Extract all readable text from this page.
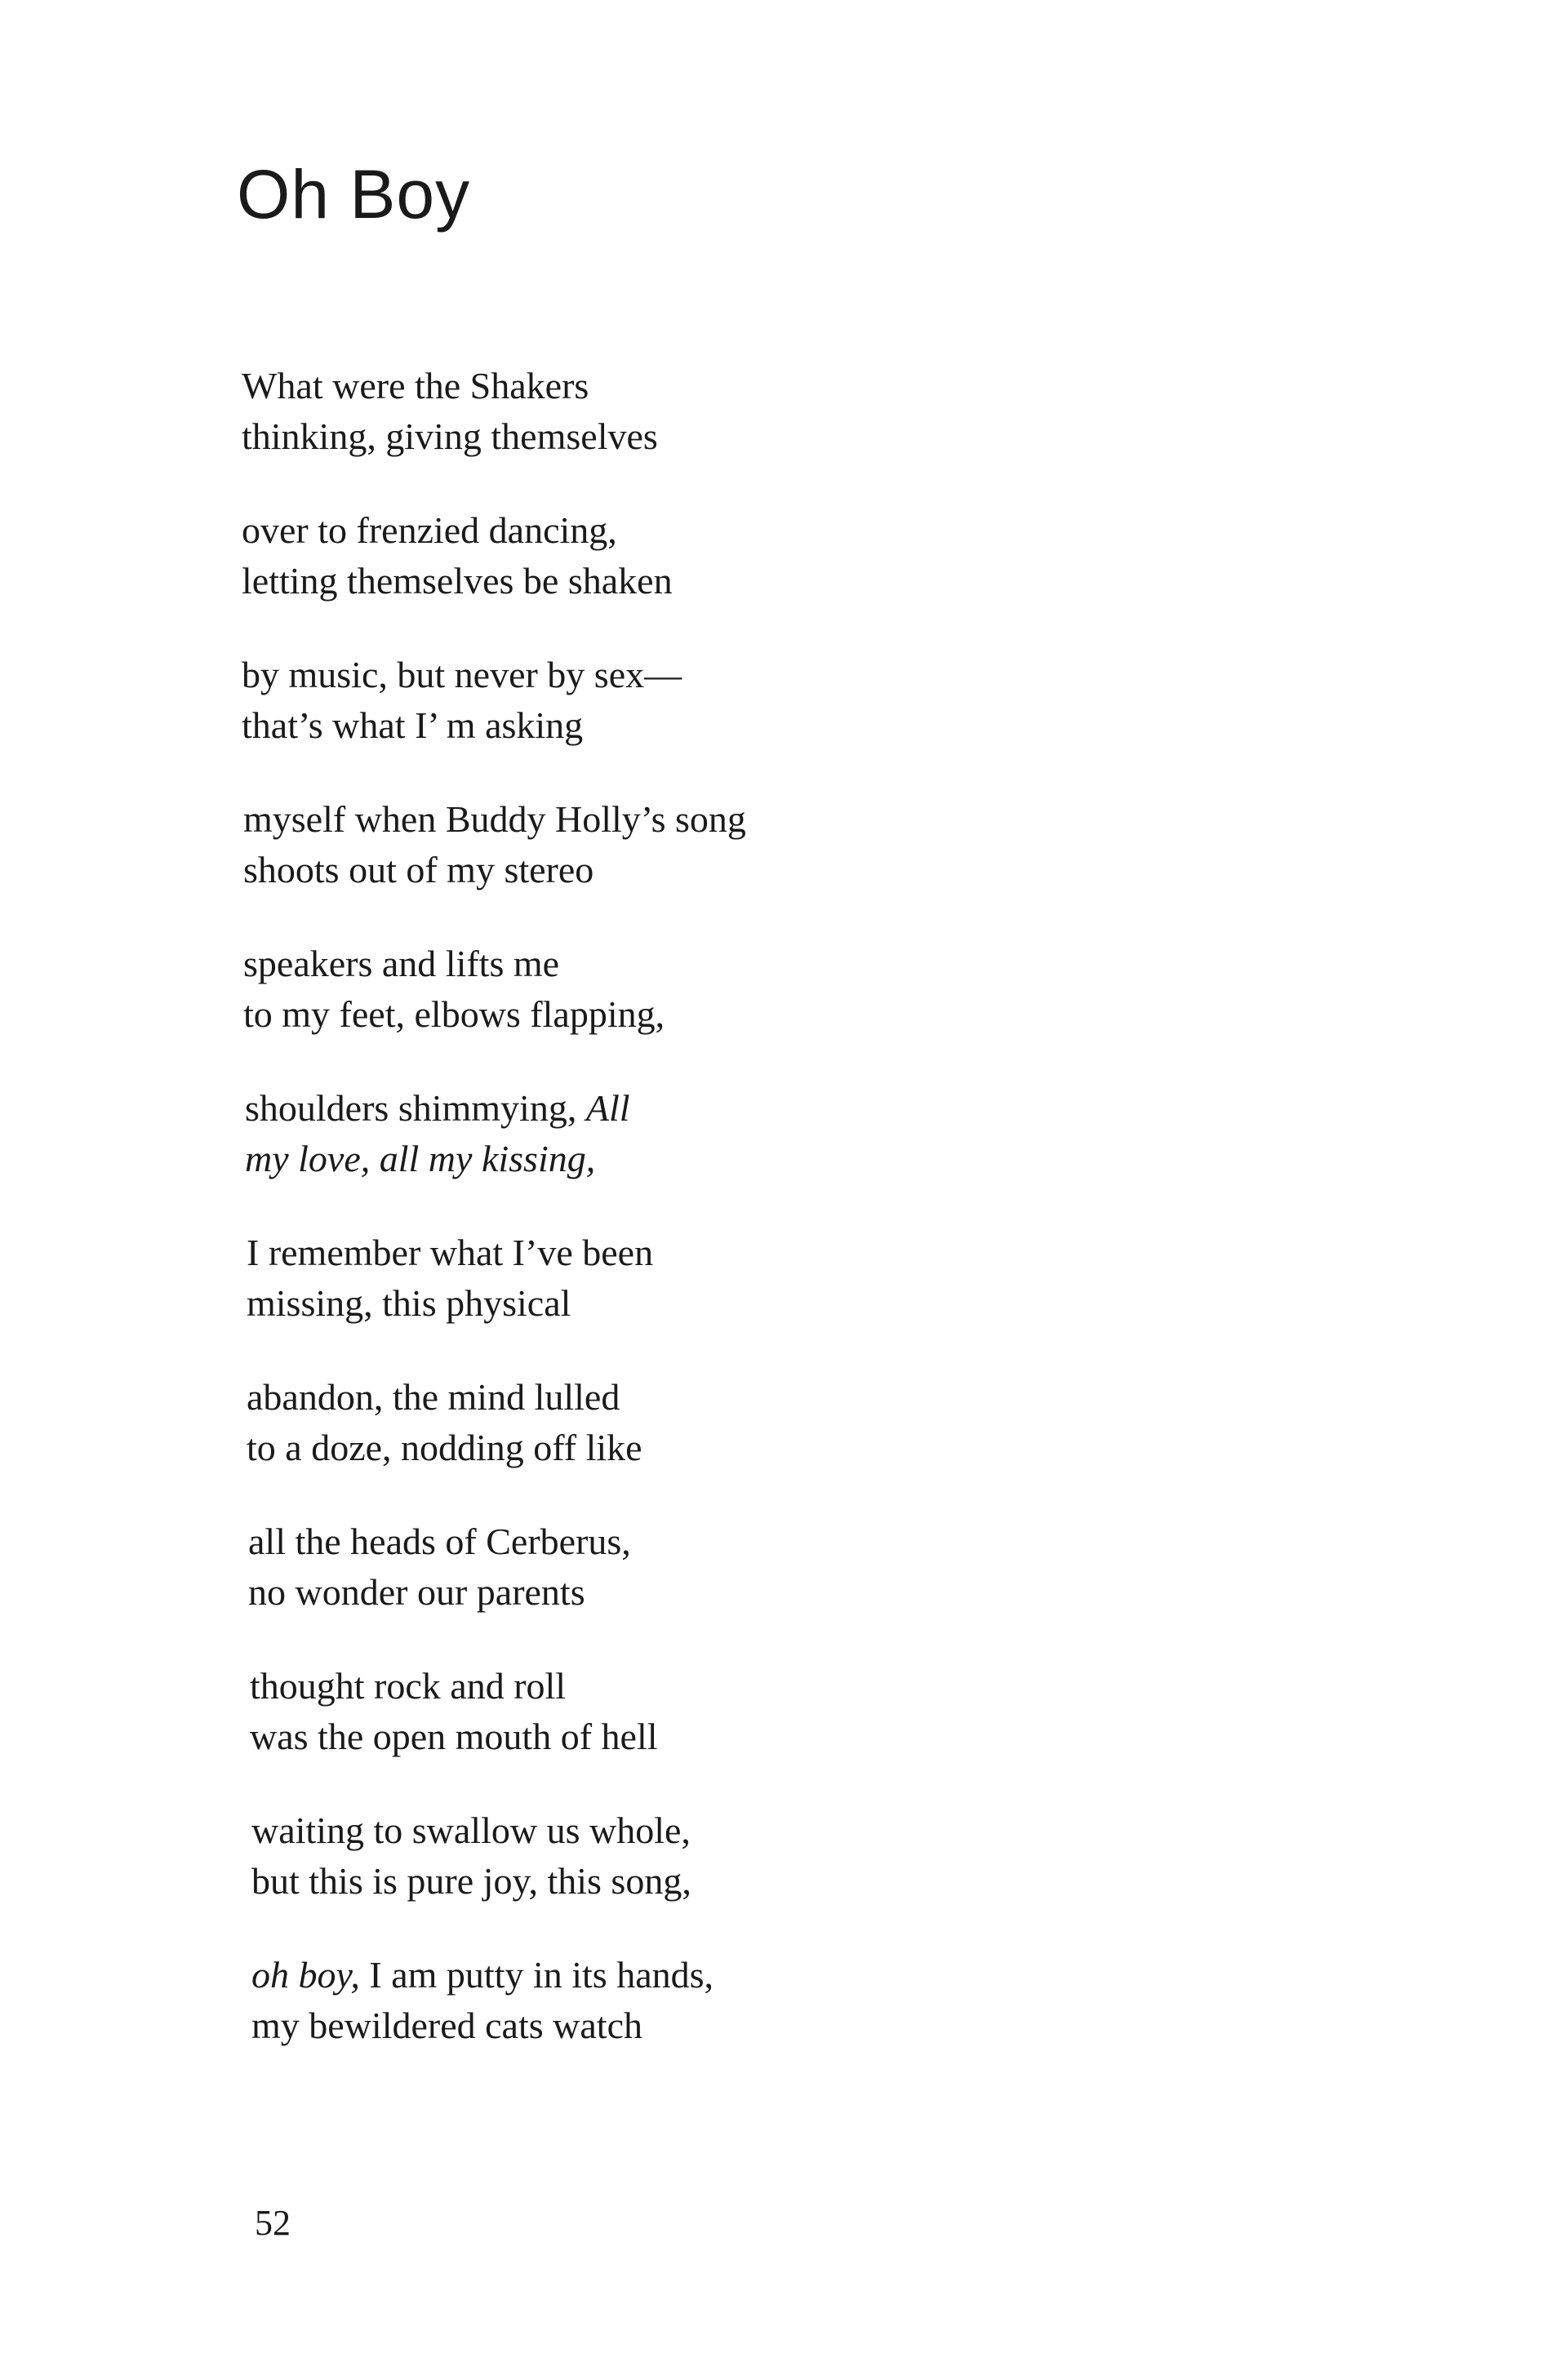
Oh Boy

What were the Shakers
thinking, giving themselves

over to frenzied dancing,
letting themselves be shaken

by music, but never by sex—
that’s what I’ m asking

myself when Buddy Holly’s song
shoots out of my stereo

speakers and lifts me
to my feet, elbows flapping,

shoulders shimmying, All
my love, all my kissing,

I remember what I’ve been
missing, this physical

abandon, the mind lulled
to a doze, nodding off like

all the heads of Cerberus,
no wonder our parents

thought rock and roll
was the open mouth of hell

waiting to swallow us whole,
but this is pure joy, this song,

oh boy, I am putty in its hands,
my bewildered cats watch

52
